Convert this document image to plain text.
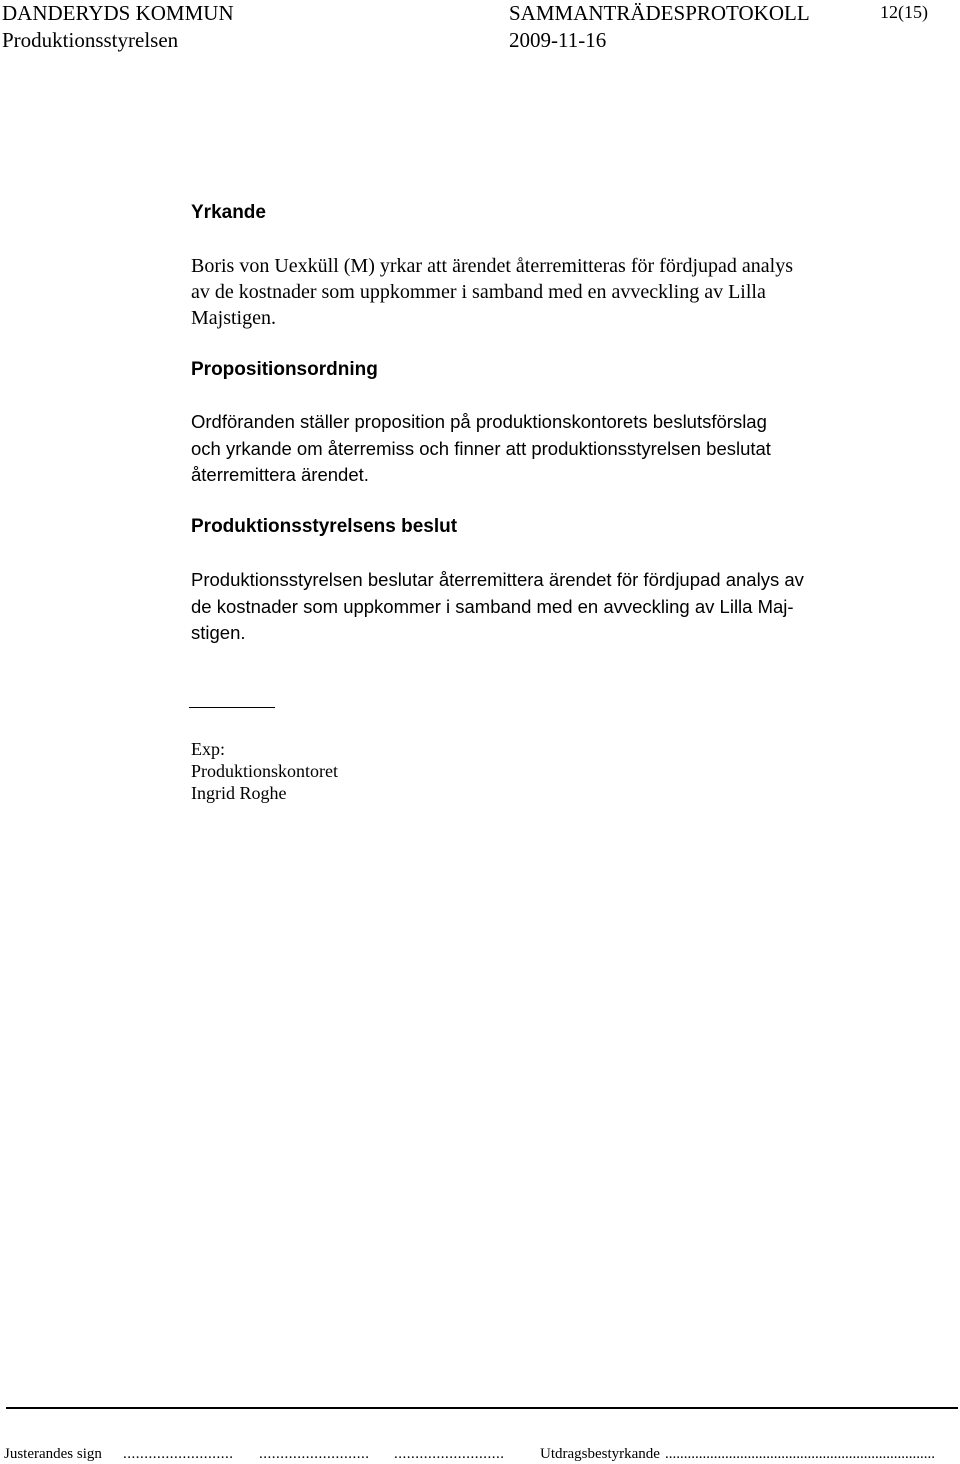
DANDERYDS KOMMUN
Produktionsstyrelsen
SAMMANTRÄDESPROTOKOLL
2009-11-16
12(15)
Yrkande
Boris von Uexküll (M) yrkar att ärendet återremitteras för fördjupad analys
av de kostnader som uppkommer i samband med en avveckling av Lilla
Majstigen.
Propositionsordning
Ordföranden ställer proposition på produktionskontorets beslutsförslag
och yrkande om återremiss och finner att produktionsstyrelsen beslutat
återremittera ärendet.
Produktionsstyrelsens beslut
Produktionsstyrelsen beslutar återremittera ärendet för fördjupad analys av
de kostnader som uppkommer i samband med en avveckling av Lilla Maj-
stigen.
Exp:
Produktionskontoret
Ingrid Roghe
Justerandes sign .......................... .......................... .......................... Utdragsbestyrkande ........................................................................
